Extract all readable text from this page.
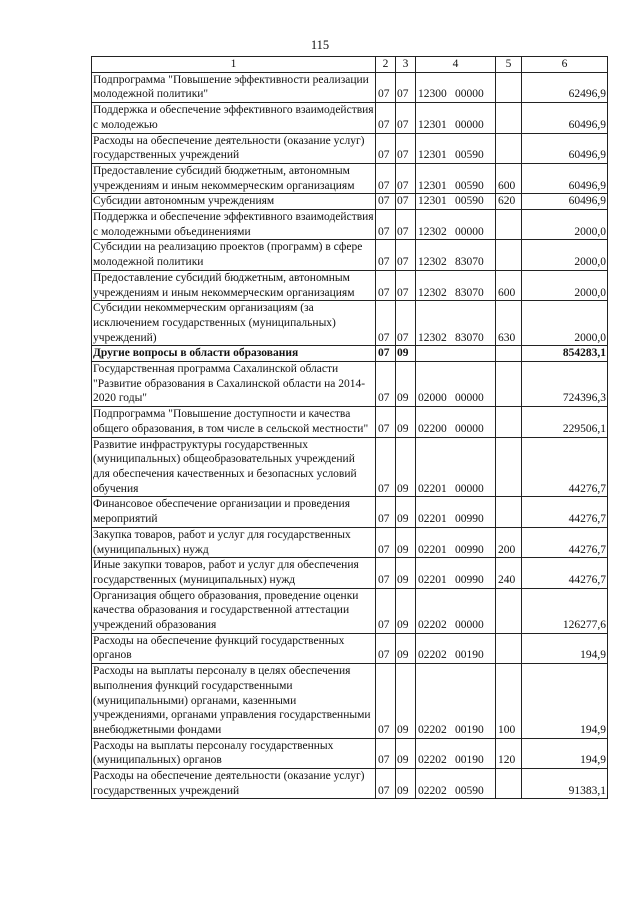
115
1	2	3	4	5	6
Подпрограмма "Повышение эффективности реализации молодежной политики"	07	07	12300 00000		62496,9
Поддержка и обеспечение эффективного взаимодействия с молодежью	07	07	12301 00000		60496,9
Расходы на обеспечение деятельности (оказание услуг) государственных учреждений	07	07	12301 00590		60496,9
Предоставление субсидий бюджетным, автономным учреждениям и иным некоммерческим организациям	07	07	12301 00590	600	60496,9
Субсидии автономным учреждениям	07	07	12301 00590	620	60496,9
Поддержка и обеспечение эффективного взаимодействия с молодежными объединениями	07	07	12302 00000		2000,0
Субсидии на реализацию проектов (программ) в сфере молодежной политики	07	07	12302 83070		2000,0
Предоставление субсидий бюджетным, автономным учреждениям и иным некоммерческим организациям	07	07	12302 83070	600	2000,0
Субсидии некоммерческим организациям (за исключением государственных (муниципальных) учреждений)	07	07	12302 83070	630	2000,0
Другие вопросы в области образования	07	09			854283,1
Государственная программа Сахалинской области "Развитие образования в Сахалинской области на 2014-2020 годы"	07	09	02000 00000		724396,3
Подпрограмма "Повышение доступности и качества общего образования, в том числе в сельской местности"	07	09	02200 00000		229506,1
Развитие инфраструктуры государственных (муниципальных) общеобразовательных учреждений для обеспечения качественных и безопасных условий обучения	07	09	02201 00000		44276,7
Финансовое обеспечение организации и проведения мероприятий	07	09	02201 00990		44276,7
Закупка товаров, работ и услуг для государственных (муниципальных) нужд	07	09	02201 00990	200	44276,7
Иные закупки товаров, работ и услуг для обеспечения государственных (муниципальных) нужд	07	09	02201 00990	240	44276,7
Организация общего образования, проведение оценки качества образования и государственной аттестации учреждений образования	07	09	02202 00000		126277,6
Расходы на обеспечение функций государственных органов	07	09	02202 00190		194,9
Расходы на выплаты персоналу в целях обеспечения выполнения функций государственными (муниципальными) органами, казенными учреждениями, органами управления государственными внебюджетными фондами	07	09	02202 00190	100	194,9
Расходы на выплаты персоналу государственных (муниципальных) органов	07	09	02202 00190	120	194,9
Расходы на обеспечение деятельности (оказание услуг) государственных учреждений	07	09	02202 00590		91383,1
